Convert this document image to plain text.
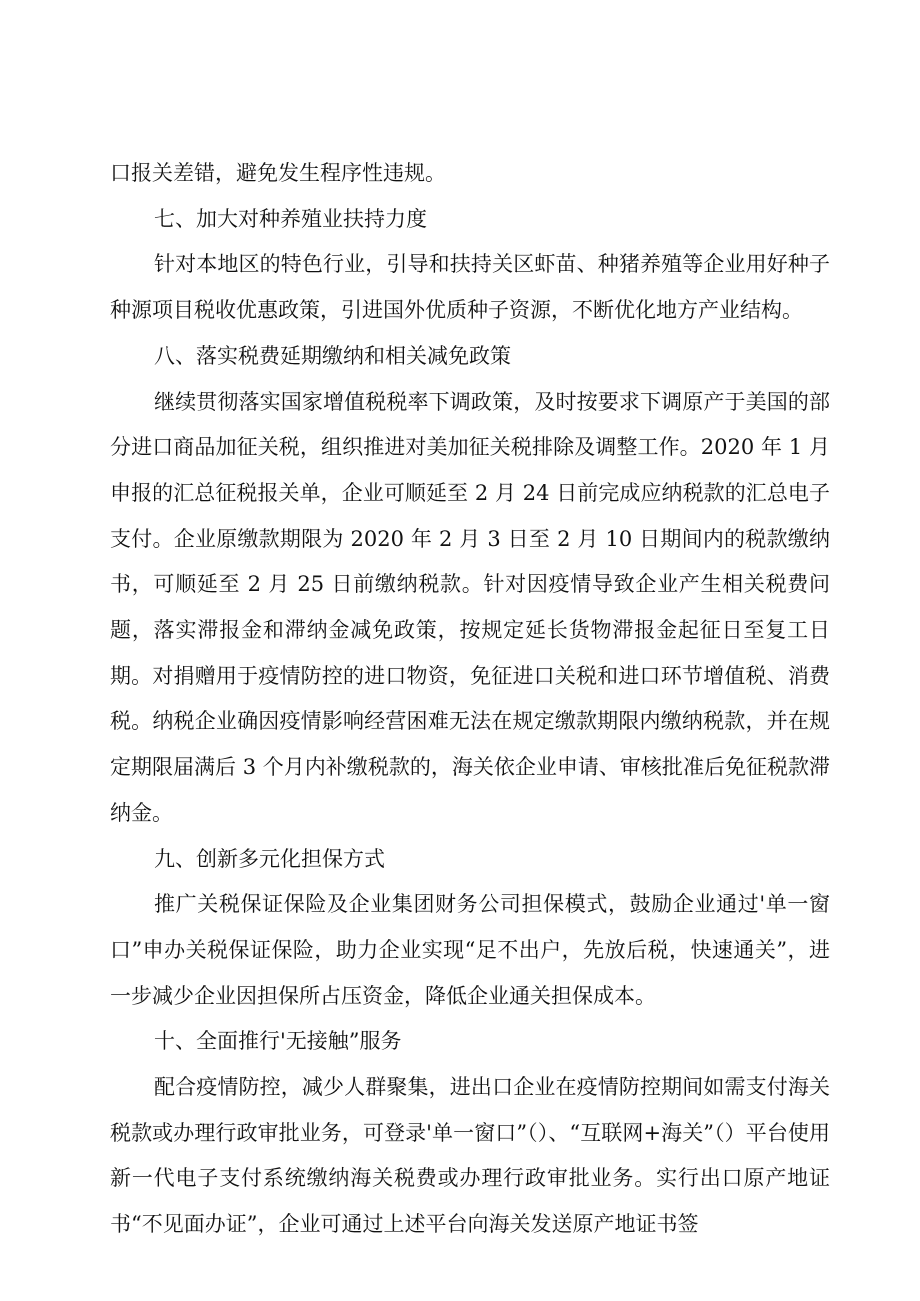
口报关差错，避免发生程序性违规。

七、加大对种养殖业扶持力度

针对本地区的特色行业，引导和扶持关区虾苗、种猪养殖等企业用好种子种源项目税收优惠政策，引进国外优质种子资源，不断优化地方产业结构。

八、落实税费延期缴纳和相关减免政策

继续贯彻落实国家增值税税率下调政策，及时按要求下调原产于美国的部分进口商品加征关税，组织推进对美加征关税排除及调整工作。2020 年 1 月申报的汇总征税报关单，企业可顺延至 2 月 24 日前完成应纳税款的汇总电子支付。企业原缴款期限为 2020 年 2 月 3 日至 2 月 10 日期间内的税款缴纳书，可顺延至 2 月 25 日前缴纳税款。针对因疫情导致企业产生相关税费问题，落实滞报金和滞纳金减免政策，按规定延长货物滞报金起征日至复工日期。对捐赠用于疫情防控的进口物资，免征进口关税和进口环节增值税、消费税。纳税企业确因疫情影响经营困难无法在规定缴款期限内缴纳税款，并在规定期限届满后 3 个月内补缴税款的，海关依企业申请、审核批准后免征税款滞纳金。

九、创新多元化担保方式

推广关税保证保险及企业集团财务公司担保模式，鼓励企业通过'单一窗口”申办关税保证保险，助力企业实现“足不出户，先放后税，快速通关”，进一步减少企业因担保所占压资金，降低企业通关担保成本。

十、全面推行'无接触”服务

配合疫情防控，减少人群聚集，进出口企业在疫情防控期间如需支付海关税款或办理行政审批业务，可登录'单一窗口”（）、“互联网+海关”（）平台使用新一代电子支付系统缴纳海关税费或办理行政审批业务。实行出口原产地证书“不见面办证”，企业可通过上述平台向海关发送原产地证书签
